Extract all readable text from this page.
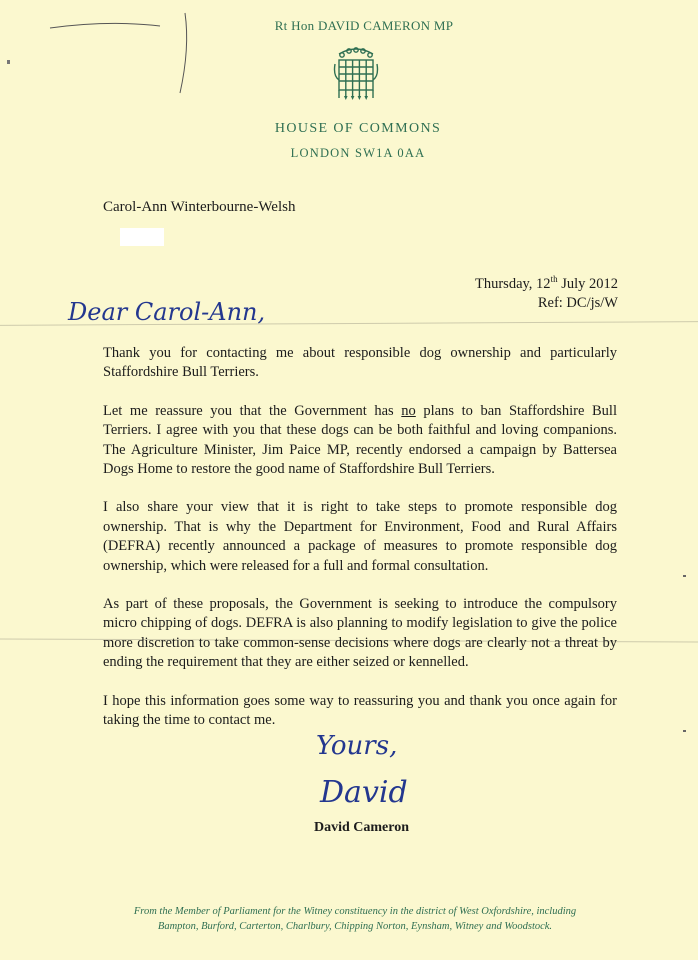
Rt Hon DAVID CAMERON MP
HOUSE OF COMMONS
LONDON SW1A 0AA
Carol-Ann Winterbourne-Welsh
Thursday, 12th July 2012
Ref: DC/js/W
Dear Carol-Ann,

Thank you for contacting me about responsible dog ownership and particularly Staffordshire Bull Terriers.

Let me reassure you that the Government has no plans to ban Staffordshire Bull Terriers. I agree with you that these dogs can be both faithful and loving companions. The Agriculture Minister, Jim Paice MP, recently endorsed a campaign by Battersea Dogs Home to restore the good name of Staffordshire Bull Terriers.

I also share your view that it is right to take steps to promote responsible dog ownership. That is why the Department for Environment, Food and Rural Affairs (DEFRA) recently announced a package of measures to promote responsible dog ownership, which were released for a full and formal consultation.

As part of these proposals, the Government is seeking to introduce the compulsory micro chipping of dogs. DEFRA is also planning to modify legislation to give the police more discretion to take common-sense decisions where dogs are clearly not a threat by ending the requirement that they are either seized or kennelled.

I hope this information goes some way to reassuring you and thank you once again for taking the time to contact me.

Yours,
David
David Cameron
From the Member of Parliament for the Witney constituency in the district of West Oxfordshire, including
Bampton, Burford, Carterton, Charlbury, Chipping Norton, Eynsham, Witney and Woodstock.
